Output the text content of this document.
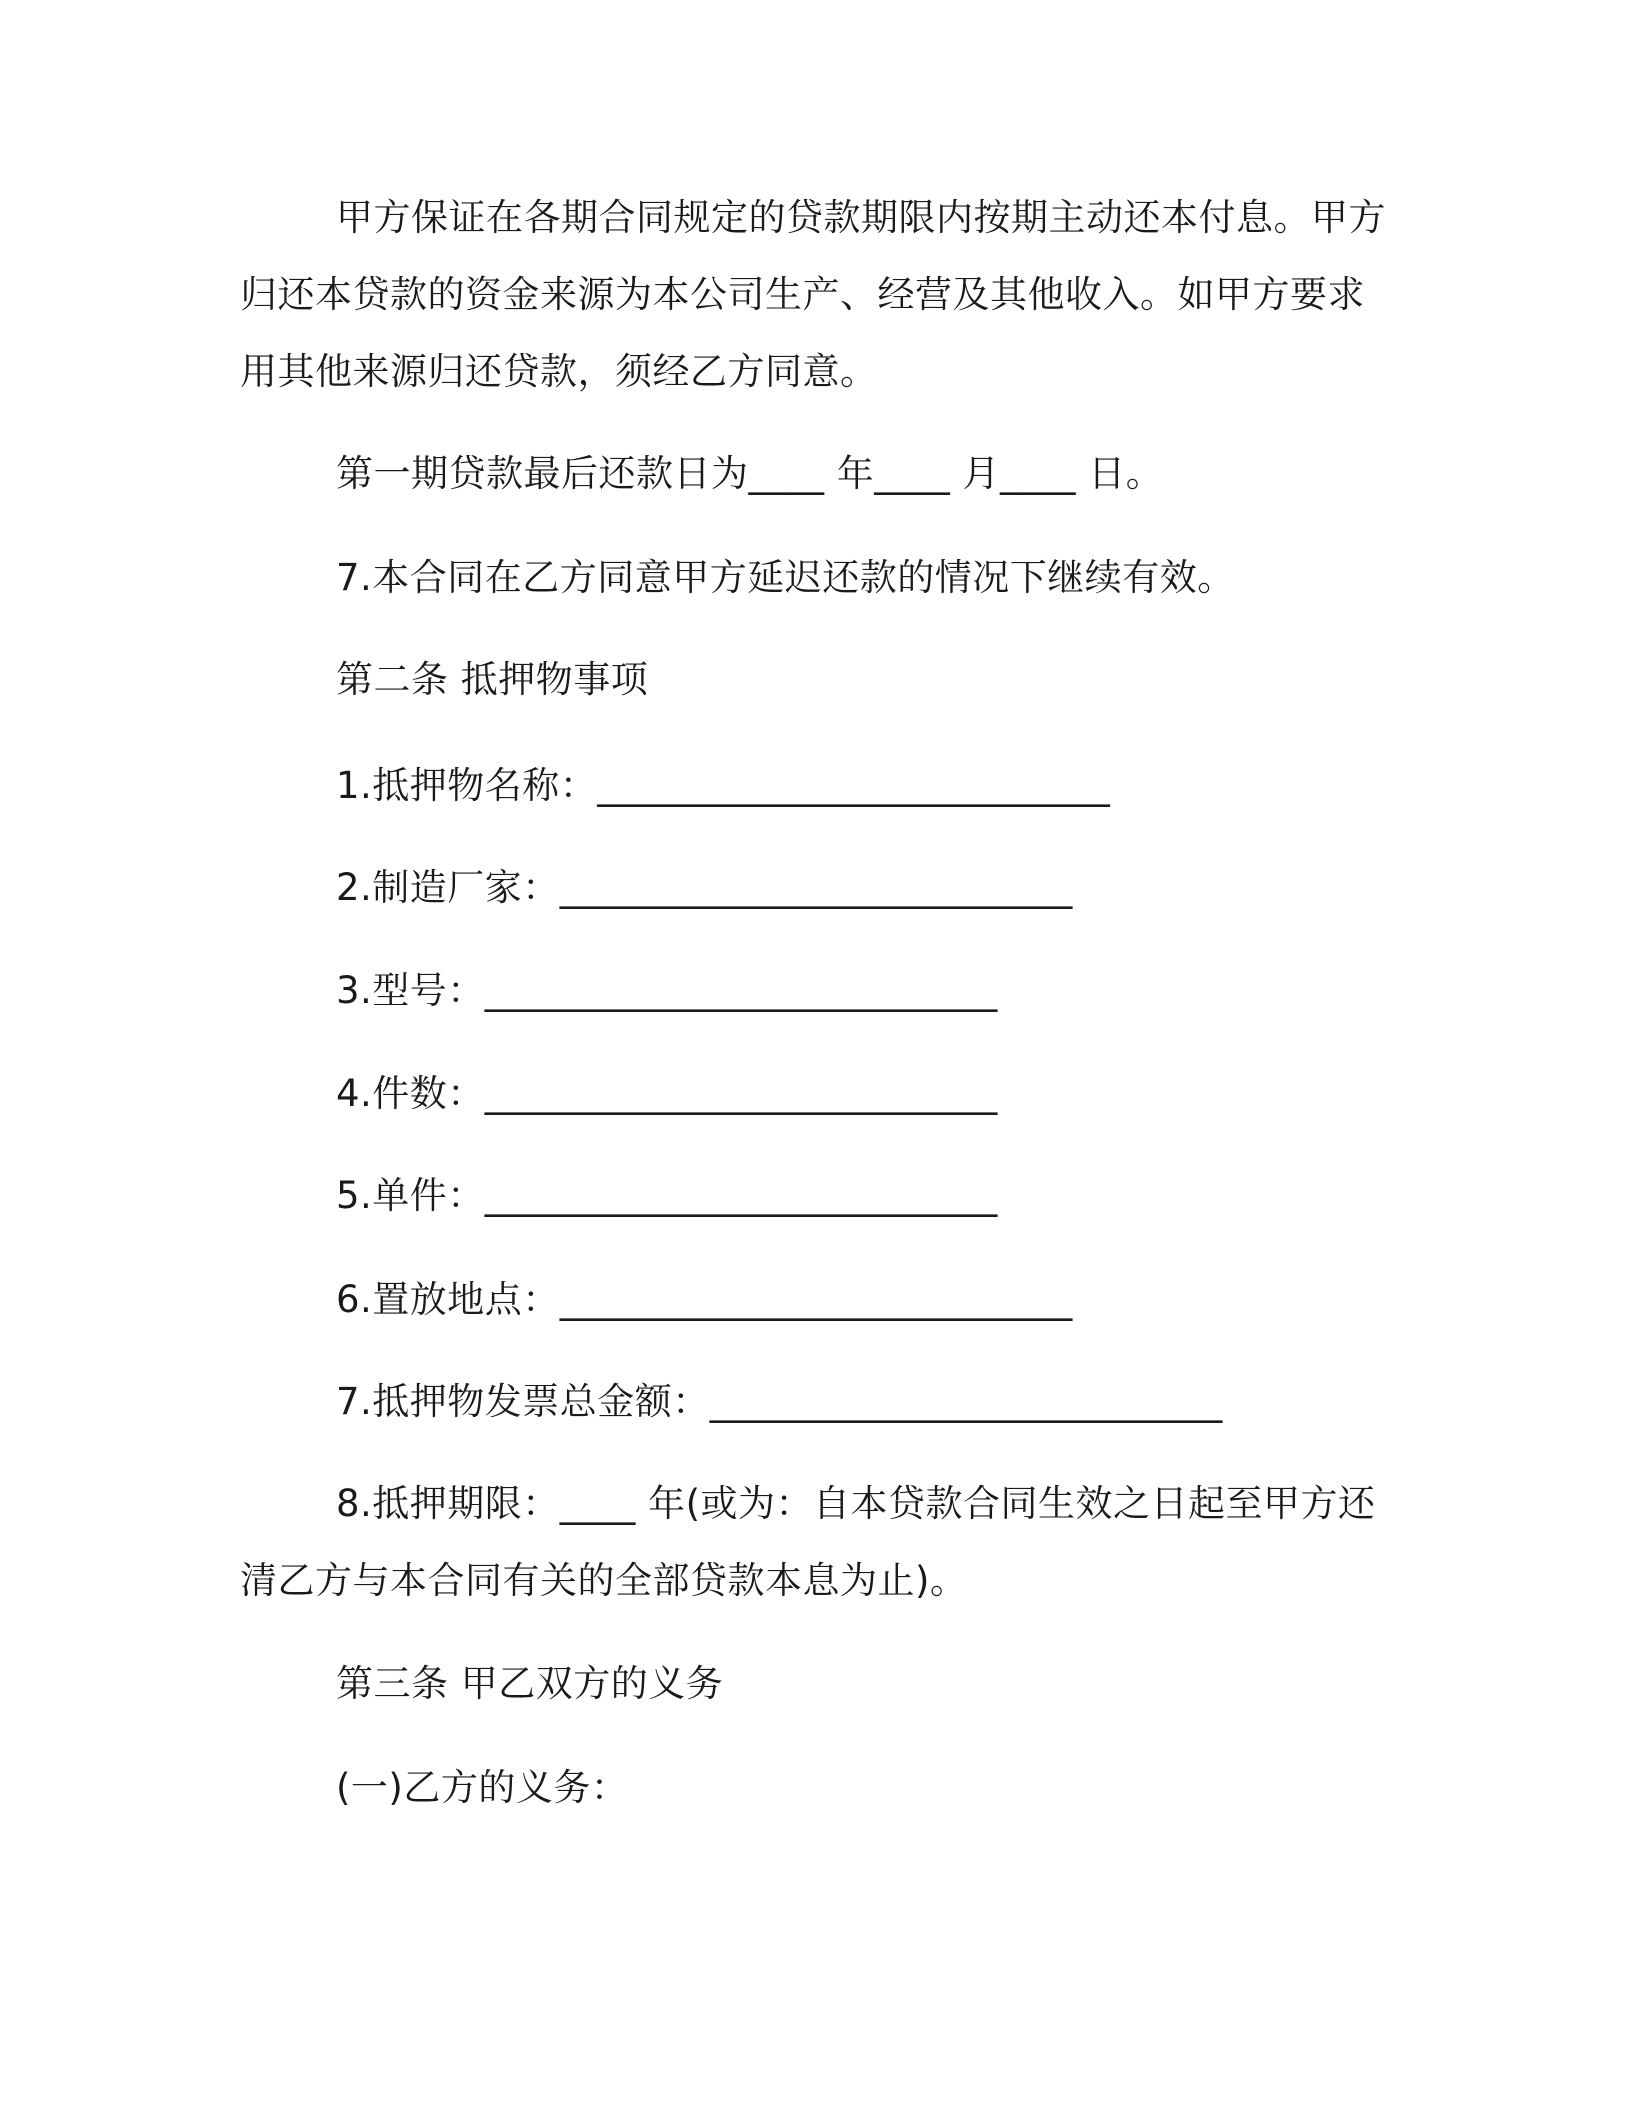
甲方保证在各期合同规定的贷款期限内按期主动还本付息。甲方
归还本贷款的资金来源为本公司生产、经营及其他收入。如甲方要求
用其他来源归还贷款，须经乙方同意。
第一期贷款最后还款日为____ 年____ 月____ 日。
7.本合同在乙方同意甲方延迟还款的情况下继续有效。
第二条 抵押物事项
1.抵押物名称：___________________________
2.制造厂家：___________________________
3.型号：___________________________
4.件数：___________________________
5.单件：___________________________
6.置放地点：___________________________
7.抵押物发票总金额：___________________________
8.抵押期限：____ 年(或为：自本贷款合同生效之日起至甲方还
清乙方与本合同有关的全部贷款本息为止)。
第三条 甲乙双方的义务
(一)乙方的义务：
